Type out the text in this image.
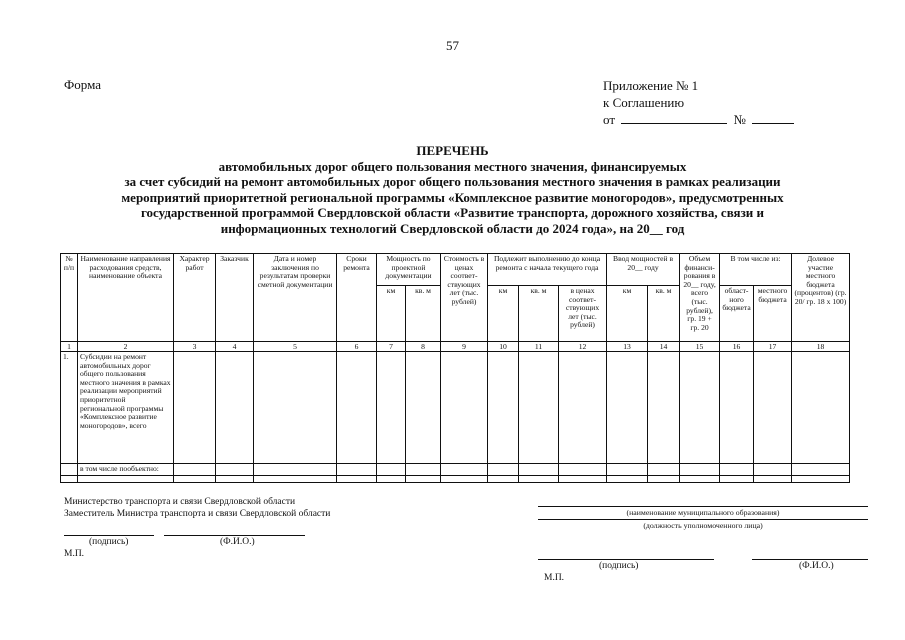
57
Форма	Приложение № 1
к Соглашению
от	№
ПЕРЕЧЕНЬ
автомобильных дорог общего пользования местного значения, финансируемых
за счет субсидий на ремонт автомобильных дорог общего пользования местного значения в рамках реализации
мероприятий приоритетной региональной программы «Комплексное развитие моногородов», предусмотренных
государственной программой Свердловской области «Развитие транспорта, дорожного хозяйства, связи и
информационных технологий Свердловской области до 2024 года», на 20__ год
№ п/п	Наименование направления расходования средств, наименование объекта	Характер работ	Заказчик	Дата и номер заключения по результатам проверки сметной документации	Сроки ремонта	Мощность по проектной документации		Стоимость в ценах соответ-ствующих лет (тыс. рублей)	Подлежит выполнению до конца ремонта с начала текущего года			Ввод мощностей в 20__ году		Объем финанси-рования в 20__ году, всего (тыс. рублей), гр. 19 + гр. 20	В том числе из:		Долевое участие местного бюджета (процентов) (гр. 20/ гр. 18 x 100)
						км	кв. м		км	кв. м	в ценах соответ-ствующих лет (тыс. рублей)	км	кв. м		област-ного бюджета	местного бюджета	
1	2	3	4	5	6	7	8	9	10	11	12	13	14	15	16	17	18
1.	Субсидии на ремонт автомобильных дорог общего пользования местного значения в рамках реализации мероприятий приоритетной региональной программы «Комплексное развитие моногородов», всего																
	в том числе пообъектно:																

Министерство транспорта и связи Свердловской области
Заместитель Министра транспорта и связи Свердловской области
(подпись)	(Ф.И.О.)
М.П.
(наименование муниципального образования)
(должность уполномоченного лица)
(подпись)	(Ф.И.О.)
М.П.
